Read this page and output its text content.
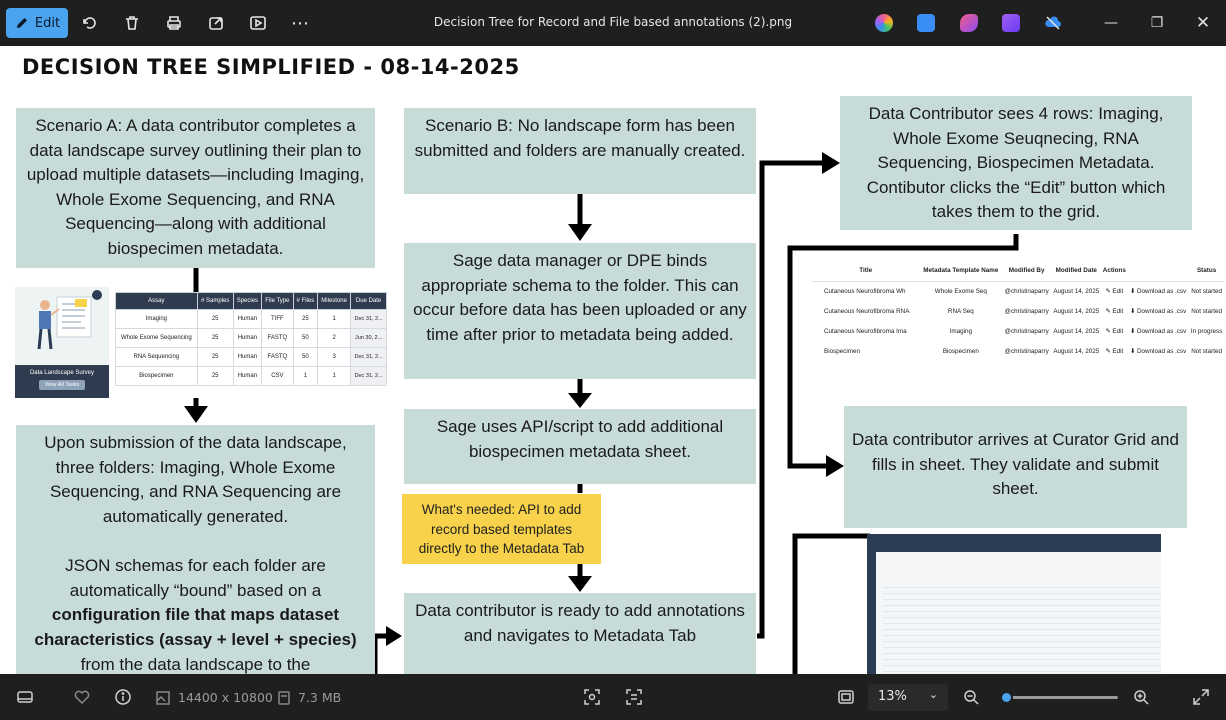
Edit	⋯	Decision Tree for Record and File based annotations (2).png	— ❐ ✕
DECISION TREE SIMPLIFIED - 08-14-2025
Scenario A: A data contributor completes a data landscape survey outlining their plan to upload multiple datasets—including Imaging, Whole Exome Sequencing, and RNA Sequencing—along with additional biospecimen metadata.
Data Landscape Survey
View All Tasks
Assay	# Samples	Species	File Type	# Files	Milestone	Due Date
Imaging	25	Human	TIFF	25	1	Dec 31, 2...
Whole Exome Sequencing	25	Human	FASTQ	50	2	Jun 30, 2...
RNA Sequencing	25	Human	FASTQ	50	3	Dec 31, 2...
Biospecimen	25	Human	CSV	1	1	Dec 31, 2...
Upon submission of the data landscape, three folders: Imaging, Whole Exome Sequencing, and RNA Sequencing are automatically generated.
JSON schemas for each folder are automatically “bound” based on a configuration file that maps dataset characteristics (assay + level + species) from the data landscape to the
Scenario B: No landscape form has been submitted and folders are manually created.
Sage data manager or DPE binds appropriate schema to the folder. This can occur before data has been uploaded or any time after prior to metadata being added.
Sage uses API/script to add additional biospecimen metadata sheet.
What's needed: API to add record based templates directly to the Metadata Tab
Data contributor is ready to add annotations and navigates to Metadata Tab
Data Contributor sees 4 rows: Imaging, Whole Exome Seuqnecing, RNA Sequencing, Biospecimen Metadata. Contibutor clicks the “Edit” button which takes them to the grid.
Title	Metadata Template Name	Modified By	Modified Date	Actions		Status
Cutaneous Neurofibroma Wh	Whole Exome Seq	@christinaparry	August 14, 2025	✎ Edit	⬇ Download as .csv	Not started
Cutaneous Neurofibroma RNA	RNA Seq	@christinaparry	August 14, 2025	✎ Edit	⬇ Download as .csv	Not started
Cutaneous Neurofibroma Ima	Imaging	@christinaparry	August 14, 2025	✎ Edit	⬇ Download as .csv	In progress
Biospecimen	Biospecimen	@christinaparry	August 14, 2025	✎ Edit	⬇ Download as .csv	Not started
Data contributor arrives at Curator Grid and fills in sheet. They validate and submit sheet.
14400 x 10800 7.3 MB	13% ⌄
